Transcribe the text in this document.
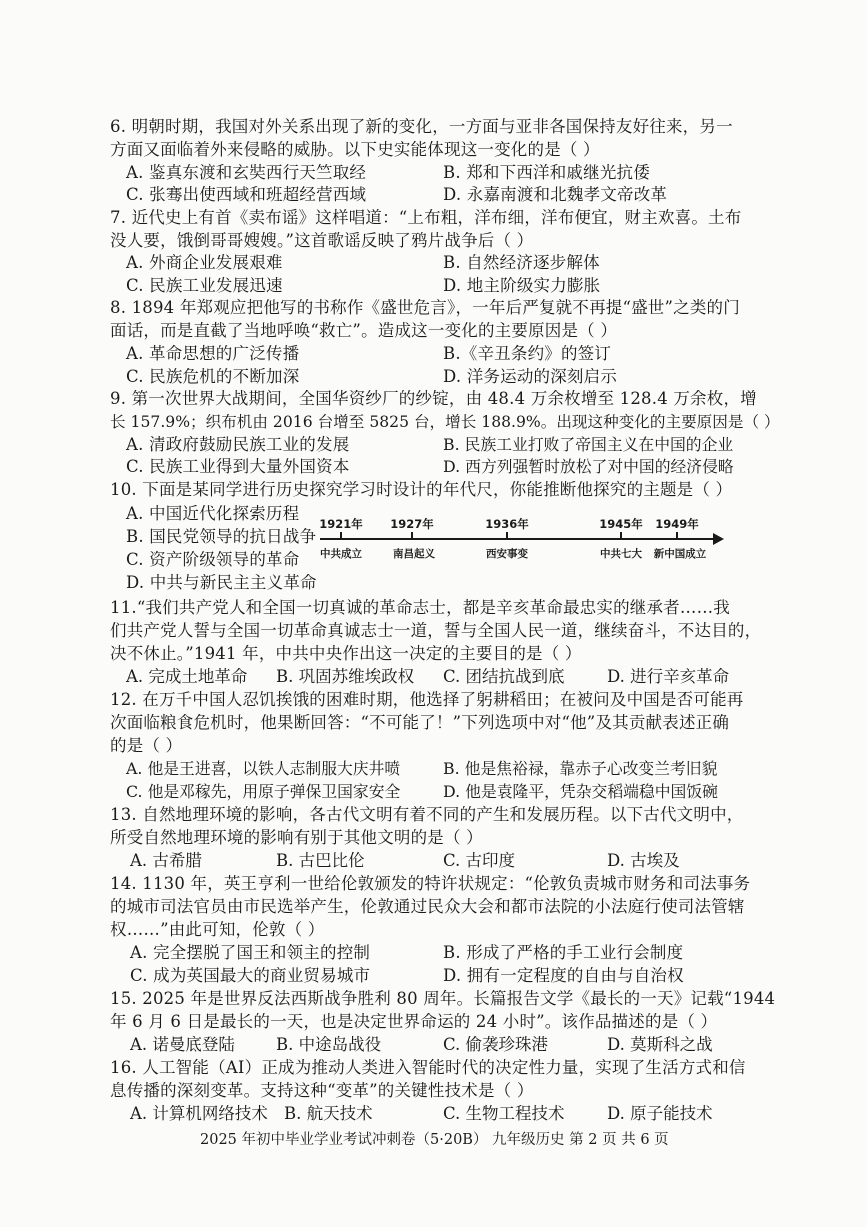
6. 明朝时期，我国对外关系出现了新的变化，一方面与亚非各国保持友好往来，另一
方面又面临着外来侵略的威胁。以下史实能体现这一变化的是（ ）
A. 鉴真东渡和玄奘西行天竺取经	B. 郑和下西洋和戚继光抗倭
C. 张骞出使西域和班超经营西域	D. 永嘉南渡和北魏孝文帝改革
7. 近代史上有首《卖布谣》这样唱道：“上布粗，洋布细，洋布便宜，财主欢喜。土布
没人要，饿倒哥哥嫂嫂。”这首歌谣反映了鸦片战争后（ ）
A. 外商企业发展艰难	B. 自然经济逐步解体
C. 民族工业发展迅速	D. 地主阶级实力膨胀
8. 1894 年郑观应把他写的书称作《盛世危言》，一年后严复就不再提“盛世”之类的门
面话，而是直截了当地呼唤“救亡”。造成这一变化的主要原因是（ ）
A. 革命思想的广泛传播	B.《辛丑条约》的签订
C. 民族危机的不断加深	D. 洋务运动的深刻启示
9. 第一次世界大战期间，全国华资纱厂的纱锭，由 48.4 万余枚增至 128.4 万余枚，增
长 157.9%；织布机由 2016 台增至 5825 台，增长 188.9%。出现这种变化的主要原因是（ ）
A. 清政府鼓励民族工业的发展	B. 民族工业打败了帝国主义在中国的企业
C. 民族工业得到大量外国资本	D. 西方列强暂时放松了对中国的经济侵略
10. 下面是某同学进行历史探究学习时设计的年代尺，你能推断他探究的主题是（ ）
A. 中国近代化探索历程
B. 国民党领导的抗日战争
C. 资产阶级领导的革命
D. 中共与新民主主义革命
1921年 1927年	1936年	1945年 1949年
中共成立	南昌起义	西安事变	中共七大 新中国成立
11.“我们共产党人和全国一切真诚的革命志士，都是辛亥革命最忠实的继承者……我
们共产党人誓与全国一切革命真诚志士一道，誓与全国人民一道，继续奋斗，不达目的，
决不休止。”1941 年，中共中央作出这一决定的主要目的是（ ）
A. 完成土地革命 B. 巩固苏维埃政权 C. 团结抗战到底	D. 进行辛亥革命
12. 在万千中国人忍饥挨饿的困难时期，他选择了躬耕稻田；在被问及中国是否可能再
次面临粮食危机时，他果断回答：“不可能了！”下列选项中对“他”及其贡献表述正确
的是（ ）
A. 他是王进喜，以铁人志制服大庆井喷	B. 他是焦裕禄，靠赤子心改变兰考旧貌
C. 他是邓稼先，用原子弹保卫国家安全	D. 他是袁隆平，凭杂交稻端稳中国饭碗
13. 自然地理环境的影响，各古代文明有着不同的产生和发展历程。以下古代文明中，
所受自然地理环境的影响有别于其他文明的是（ ）
A. 古希腊	B. 古巴比伦	C. 古印度	D. 古埃及
14. 1130 年，英王亨利一世给伦敦颁发的特许状规定：“伦敦负责城市财务和司法事务
的城市司法官员由市民选举产生，伦敦通过民众大会和都市法院的小法庭行使司法管辖
权……”由此可知，伦敦（ ）
A. 完全摆脱了国王和领主的控制	B. 形成了严格的手工业行会制度
C. 成为英国最大的商业贸易城市	D. 拥有一定程度的自由与自治权
15. 2025 年是世界反法西斯战争胜利 80 周年。长篇报告文学《最长的一天》记载“1944
年 6 月 6 日是最长的一天，也是决定世界命运的 24 小时”。该作品描述的是（ ）
A. 诺曼底登陆 B. 中途岛战役	C. 偷袭珍珠港	D. 莫斯科之战
16. 人工智能（AI）正成为推动人类进入智能时代的决定性力量，实现了生活方式和信
息传播的深刻变革。支持这种“变革”的关键性技术是（ ）
A. 计算机网络技术 B. 航天技术	C. 生物工程技术	D. 原子能技术
2025 年初中毕业学业考试冲刺卷（5·20B） 九年级历史 第 2 页 共 6 页
